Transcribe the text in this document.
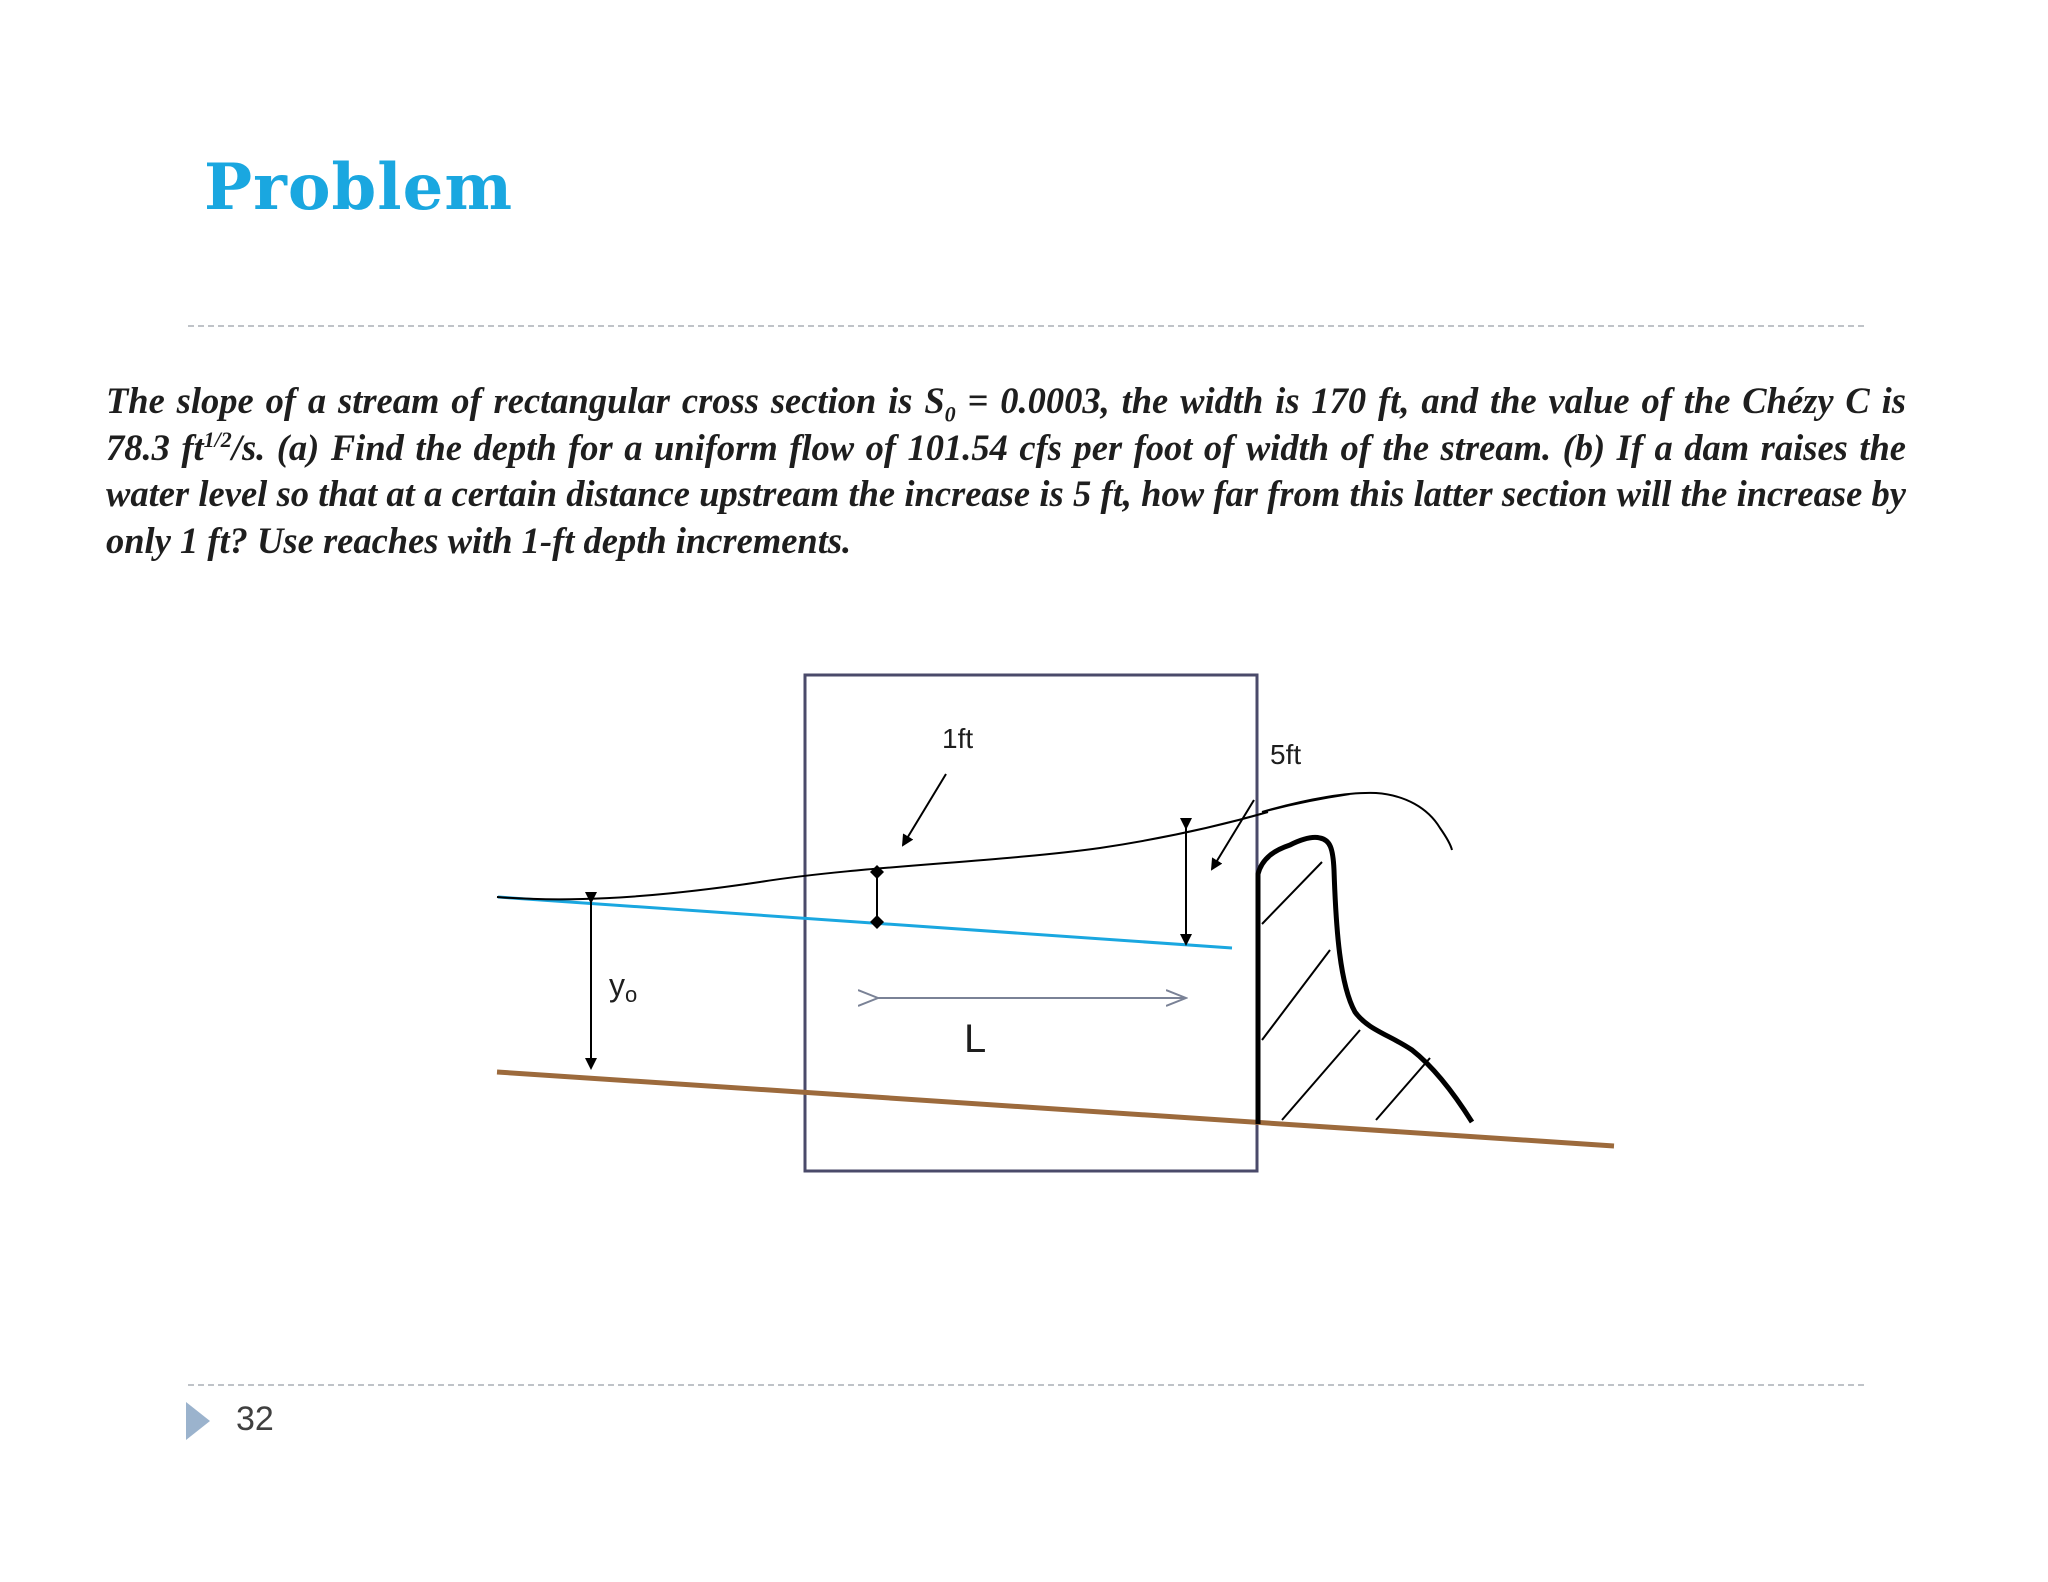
Problem

The slope of a stream of rectangular cross section is $S_0 = 0.0003$, the width is 170 ft, and the value of the Chézy C is 78.3 $ft^{1/2}/s$. (a) Find the depth for a uniform flow of 101.54 cfs per foot of width of the stream. (b) If a dam raises the water level so that at a certain distance upstream the increase is 5 ft, how far from this latter section will the increase by only 1 ft? Use reaches with 1-ft depth increments.

yo
1ft
5ft
L
32
